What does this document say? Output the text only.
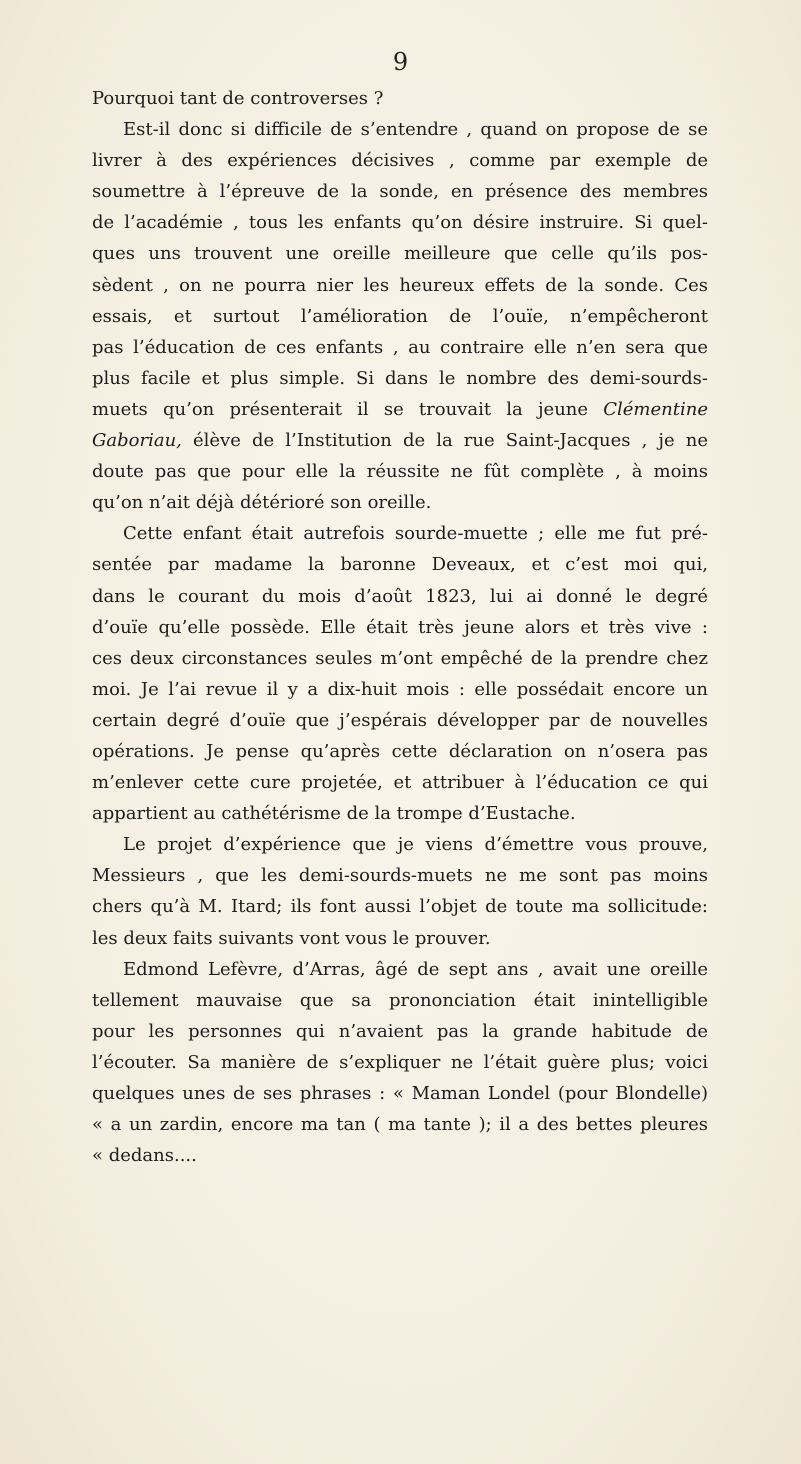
9
Pourquoi tant de controverses ?
Est-il donc si difficile de s’entendre , quand on propose de se
livrer à des expériences décisives , comme par exemple de
soumettre à l’épreuve de la sonde, en présence des membres
de l’académie , tous les enfants qu’on désire instruire. Si quel-
ques uns trouvent une oreille meilleure que celle qu’ils pos-
sèdent , on ne pourra nier les heureux effets de la sonde. Ces
essais, et surtout l’amélioration de l’ouïe, n’empêcheront
pas l’éducation de ces enfants , au contraire elle n’en sera que
plus facile et plus simple. Si dans le nombre des demi-sourds-
muets qu’on présenterait il se trouvait la jeune Clémentine
Gaboriau, élève de l’Institution de la rue Saint-Jacques , je ne
doute pas que pour elle la réussite ne fût complète , à moins
qu’on n’ait déjà détérioré son oreille.
Cette enfant était autrefois sourde-muette ; elle me fut pré-
sentée par madame la baronne Deveaux, et c’est moi qui,
dans le courant du mois d’août 1823, lui ai donné le degré
d’ouïe qu’elle possède. Elle était très jeune alors et très vive :
ces deux circonstances seules m’ont empêché de la prendre chez
moi. Je l’ai revue il y a dix-huit mois : elle possédait encore un
certain degré d’ouïe que j’espérais développer par de nouvelles
opérations. Je pense qu’après cette déclaration on n’osera pas
m’enlever cette cure projetée, et attribuer à l’éducation ce qui
appartient au cathétérisme de la trompe d’Eustache.
Le projet d’expérience que je viens d’émettre vous prouve,
Messieurs , que les demi-sourds-muets ne me sont pas moins
chers qu’à M. Itard; ils font aussi l’objet de toute ma sollicitude:
les deux faits suivants vont vous le prouver.
Edmond Lefèvre, d’Arras, âgé de sept ans , avait une oreille
tellement mauvaise que sa prononciation était inintelligible
pour les personnes qui n’avaient pas la grande habitude de
l’écouter. Sa manière de s’expliquer ne l’était guère plus; voici
quelques unes de ses phrases : « Maman Londel (pour Blondelle)
« a un zardin, encore ma tan ( ma tante ); il a des bettes pleures
« dedans....
